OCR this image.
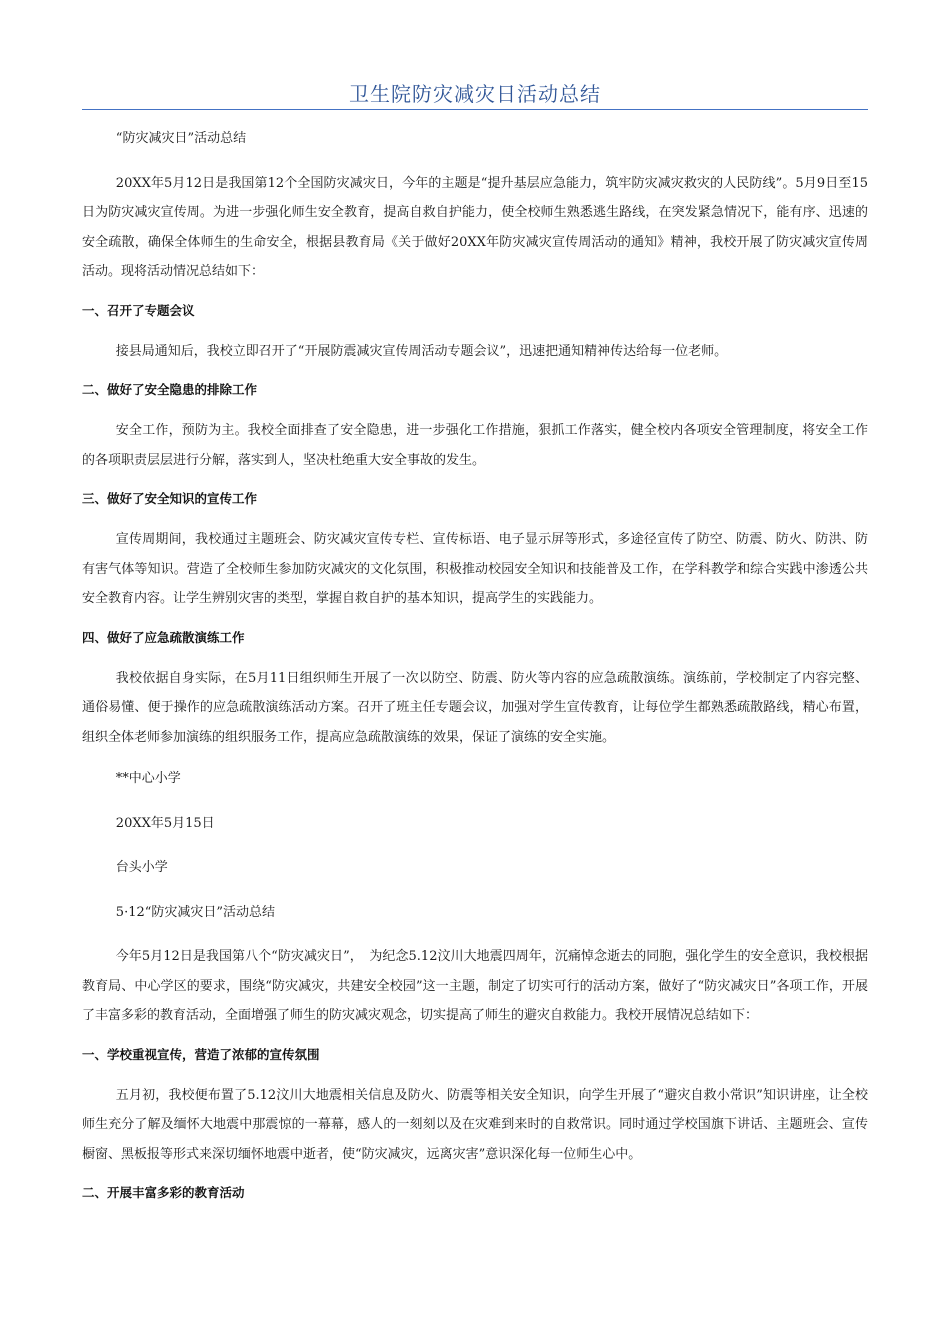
卫生院防灾减灾日活动总结

“防灾减灾日”活动总结

20XX年5月12日是我国第12个全国防灾减灾日，今年的主题是“提升基层应急能力，筑牢防灾减灾救灾的人民防线”。5月9日至15日为防灾减灾宣传周。为进一步强化师生安全教育，提高自救自护能力，使全校师生熟悉逃生路线，在突发紧急情况下，能有序、迅速的安全疏散，确保全体师生的生命安全，根据县教育局《关于做好20XX年防灾减灾宣传周活动的通知》精神，我校开展了防灾减灾宣传周活动。现将活动情况总结如下：

一、召开了专题会议

接县局通知后，我校立即召开了“开展防震减灾宣传周活动专题会议”，迅速把通知精神传达给每一位老师。

二、做好了安全隐患的排除工作

安全工作，预防为主。我校全面排查了安全隐患，进一步强化工作措施，狠抓工作落实，健全校内各项安全管理制度，将安全工作的各项职责层层进行分解，落实到人，坚决杜绝重大安全事故的发生。

三、做好了安全知识的宣传工作

宣传周期间，我校通过主题班会、防灾减灾宣传专栏、宣传标语、电子显示屏等形式，多途径宣传了防空、防震、防火、防洪、防有害气体等知识。营造了全校师生参加防灾减灾的文化氛围，积极推动校园安全知识和技能普及工作，在学科教学和综合实践中渗透公共安全教育内容。让学生辨别灾害的类型，掌握自救自护的基本知识，提高学生的实践能力。

四、做好了应急疏散演练工作

我校依据自身实际，在5月11日组织师生开展了一次以防空、防震、防火等内容的应急疏散演练。演练前，学校制定了内容完整、通俗易懂、便于操作的应急疏散演练活动方案。召开了班主任专题会议，加强对学生宣传教育，让每位学生都熟悉疏散路线，精心布置，组织全体老师参加演练的组织服务工作，提高应急疏散演练的效果，保证了演练的安全实施。

**中心小学

20XX年5月15日

台头小学

5·12“防灾减灾日”活动总结

今年5月12日是我国第八个“防灾减灾日”，　为纪念5.12汶川大地震四周年，沉痛悼念逝去的同胞，强化学生的安全意识，我校根据教育局、中心学区的要求，围绕“防灾减灾，共建安全校园”这一主题，制定了切实可行的活动方案，做好了“防灾减灾日”各项工作，开展了丰富多彩的教育活动，全面增强了师生的防灾减灾观念，切实提高了师生的避灾自救能力。我校开展情况总结如下：

一、学校重视宣传，营造了浓郁的宣传氛围

五月初，我校便布置了5.12汶川大地震相关信息及防火、防震等相关安全知识，向学生开展了“避灾自救小常识”知识讲座，让全校师生充分了解及缅怀大地震中那震惊的一幕幕，感人的一刻刻以及在灾难到来时的自救常识。同时通过学校国旗下讲话、主题班会、宣传橱窗、黑板报等形式来深切缅怀地震中逝者，使“防灾减灾，远离灾害”意识深化每一位师生心中。

二、开展丰富多彩的教育活动
